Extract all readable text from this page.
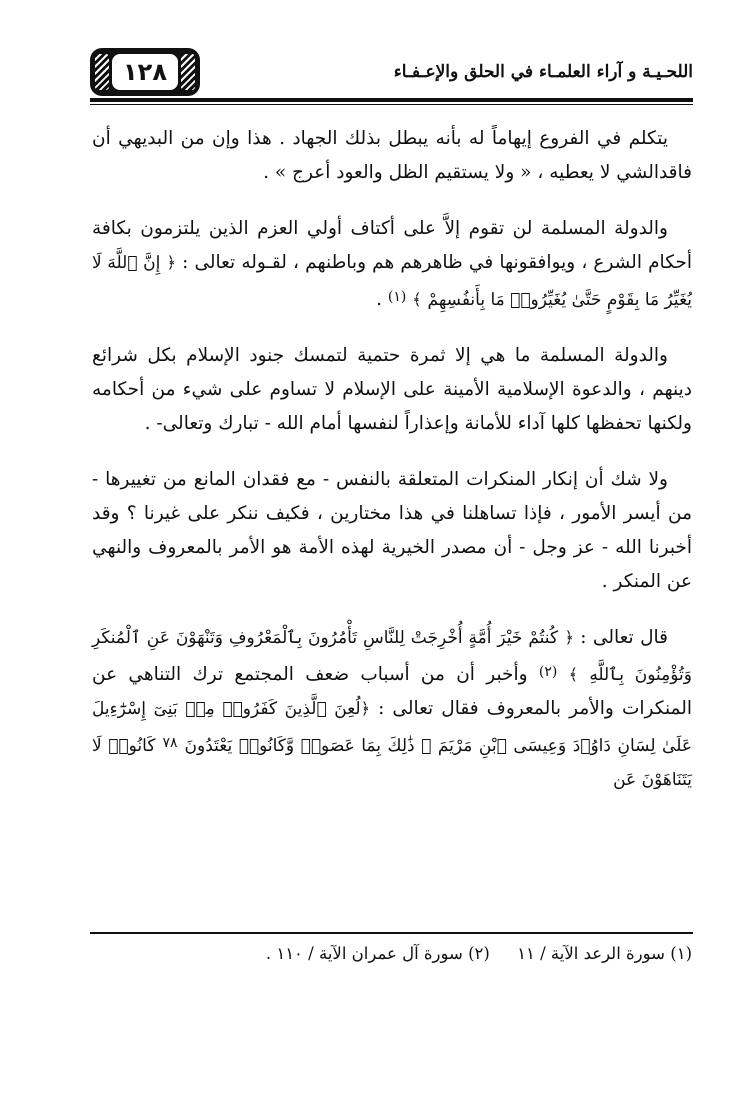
١٢٨	اللحـيـة و آراء العلمـاء في الحلق والإعـفـاء

يتكلم في الفروع إيهاماً له بأنه يبطل بذلك الجهاد . هذا وإن من البديهي أن فاقدالشي لا يعطيه ، « ولا يستقيم الظل والعود أعرج » .

والدولة المسلمة لن تقوم إلاَّ على أكتاف أولي العزم الذين يلتزمون بكافة أحكام الشرع ، ويوافقونها في ظاهرهم هم وباطنهم ، لقـوله تعالى : ﴿ إِنَّ ٱللَّهَ لَا يُغَيِّرُ مَا بِقَوْمٍ حَتَّىٰ يُغَيِّرُوا۟ مَا بِأَنفُسِهِمْ ﴾ $^{(١)}$ .

والدولة المسلمة ما هي إلا ثمرة حتمية لتمسك جنود الإسلام بكل شرائع دينهم ، والدعوة الإسلامية الأمينة على الإسلام لا تساوم على شيء من أحكامه ولكنها تحفظها كلها آداء للأمانة وإعذاراً لنفسها أمام الله - تبارك وتعالى- .

ولا شك أن إنكار المنكرات المتعلقة بالنفس - مع فقدان المانع من تغييرها - من أيسر الأمور ، فإذا تساهلنا في هذا مختارين ، فكيف ننكر على غيرنا ؟ وقد أخبرنا الله - عز وجل - أن مصدر الخيرية لهذه الأمة هو الأمر بالمعروف والنهي عن المنكر .

قال تعالى : ﴿ كُنتُمْ خَيْرَ أُمَّةٍ أُخْرِجَتْ لِلنَّاسِ تَأْمُرُونَ بِٱلْمَعْرُوفِ وَتَنْهَوْنَ عَنِ ٱلْمُنكَرِ وَتُؤْمِنُونَ بِٱللَّهِ ﴾ $^{(٢)}$ وأخبر أن من أسباب ضعف المجتمع ترك التناهي عن المنكرات والأمر بالمعروف فقال تعالى : ﴿لُعِنَ ٱلَّذِينَ كَفَرُوا۟ مِنۢ بَنِىٓ إِسْرَٰٓءِيلَ عَلَىٰ لِسَانِ دَاوُۥدَ وَعِيسَى ٱبْنِ مَرْيَمَ ۚ ذَٰلِكَ بِمَا عَصَوا۟ وَّكَانُوا۟ يَعْتَدُونَ $^{٧٨}$ كَانُوا۟ لَا يَتَنَاهَوْنَ عَن

(١) سورة الرعد الآية / ١١ (٢) سورة آل عمران الآية / ١١٠ .
